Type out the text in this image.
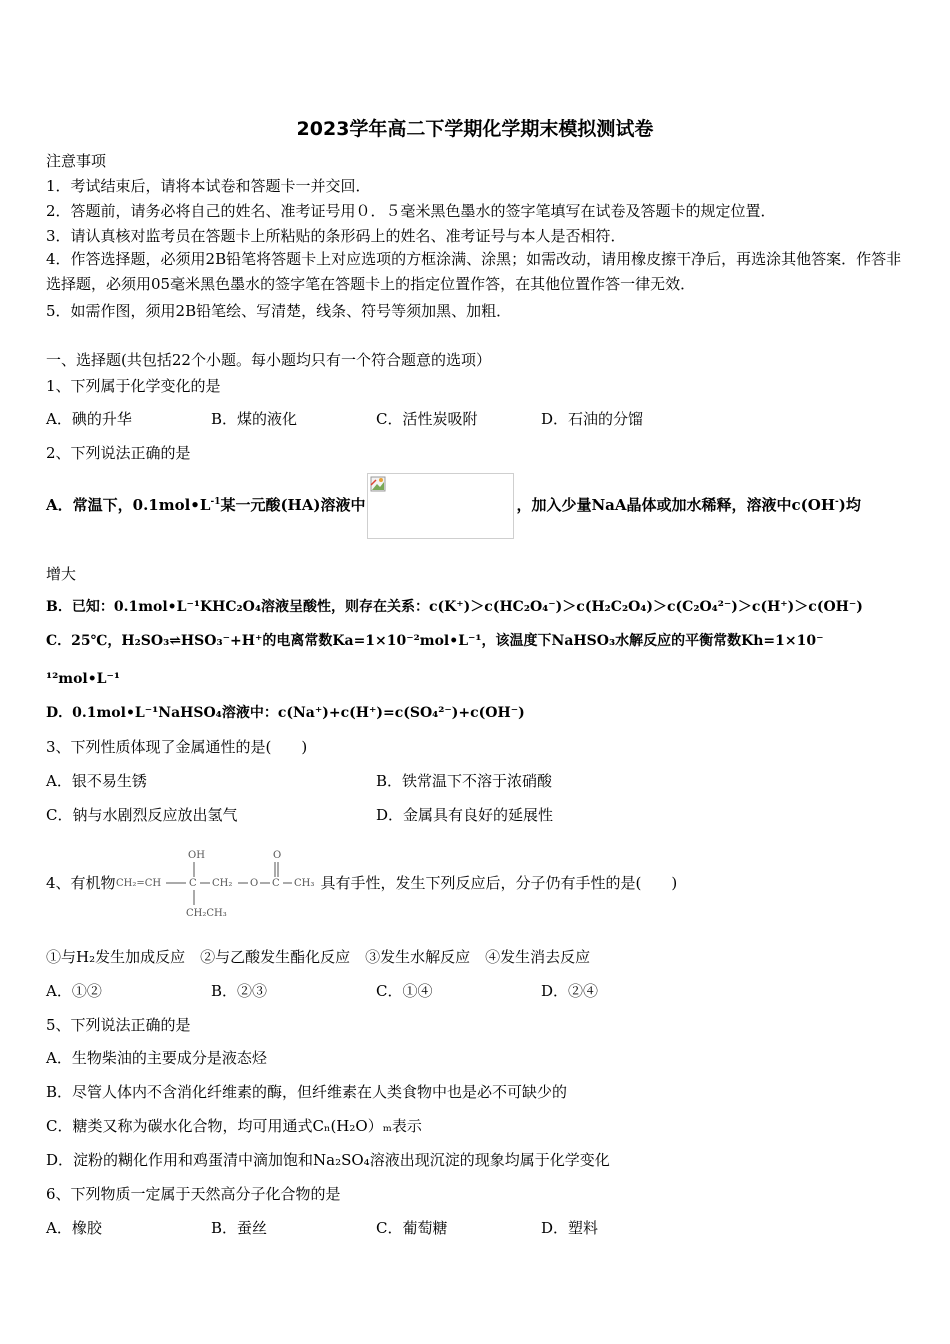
2023学年高二下学期化学期末模拟测试卷
注意事项
1．考试结束后，请将本试卷和答题卡一并交回．
2．答题前，请务必将自己的姓名、准考证号用０．５毫米黑色墨水的签字笔填写在试卷及答题卡的规定位置．
3．请认真核对监考员在答题卡上所粘贴的条形码上的姓名、准考证号与本人是否相符．
4．作答选择题，必须用2B铅笔将答题卡上对应选项的方框涂满、涂黑；如需改动，请用橡皮擦干净后，再选涂其他答案．作答非选择题，必须用05毫米黑色墨水的签字笔在答题卡上的指定位置作答，在其他位置作答一律无效．
5．如需作图，须用2B铅笔绘、写清楚，线条、符号等须加黑、加粗．
一、选择题(共包括22个小题。每小题均只有一个符合题意的选项）
1、下列属于化学变化的是
A．碘的升华	B．煤的液化	C．活性炭吸附	D．石油的分馏
2、下列说法正确的是
A．常温下，$0.1mol•L^{-1}$某一元酸(HA)溶液中	，加入少量NaA晶体或加水稀释，溶液中c(OH-)均
增大
B．已知：0.1mol•L⁻¹KHC₂O₄溶液呈酸性，则存在关系：c(K⁺)＞c(HC₂O₄⁻)＞c(H₂C₂O₄)＞c(C₂O₄²⁻)＞c(H⁺)＞c(OH⁻)
C．25℃，H₂SO₃⇌HSO₃⁻+H⁺的电离常数Ka=1×10⁻²mol•L⁻¹，该温度下NaHSO₃水解反应的平衡常数Kh=1×10⁻
¹²mol•L⁻¹
D．0.1mol•L⁻¹NaHSO₄溶液中：c(Na⁺)+c(H⁺)=c(SO₄²⁻)+c(OH⁻)
3、下列性质体现了金属通性的是(　　)
A．银不易生锈	B．铁常温下不溶于浓硝酸
C．钠与水剧烈反应放出氢气	D．金属具有良好的延展性
4、有机物
OH	O
CH₂=CH	C CH₂ O C CH₃
CH₂CH₃
具有手性，发生下列反应后，分子仍有手性的是(　　)
①与H₂发生加成反应　②与乙酸发生酯化反应　③发生水解反应　④发生消去反应
A．①②	B．②③	C．①④	D．②④
5、下列说法正确的是
A．生物柴油的主要成分是液态烃
B．尽管人体内不含消化纤维素的酶，但纤维素在人类食物中也是必不可缺少的
C．糖类又称为碳水化合物，均可用通式Cₙ(H₂O）ₘ表示
D．淀粉的糊化作用和鸡蛋清中滴加饱和Na₂SO₄溶液出现沉淀的现象均属于化学变化
6、下列物质一定属于天然高分子化合物的是
A．橡胶	B．蚕丝	C．葡萄糖	D．塑料
